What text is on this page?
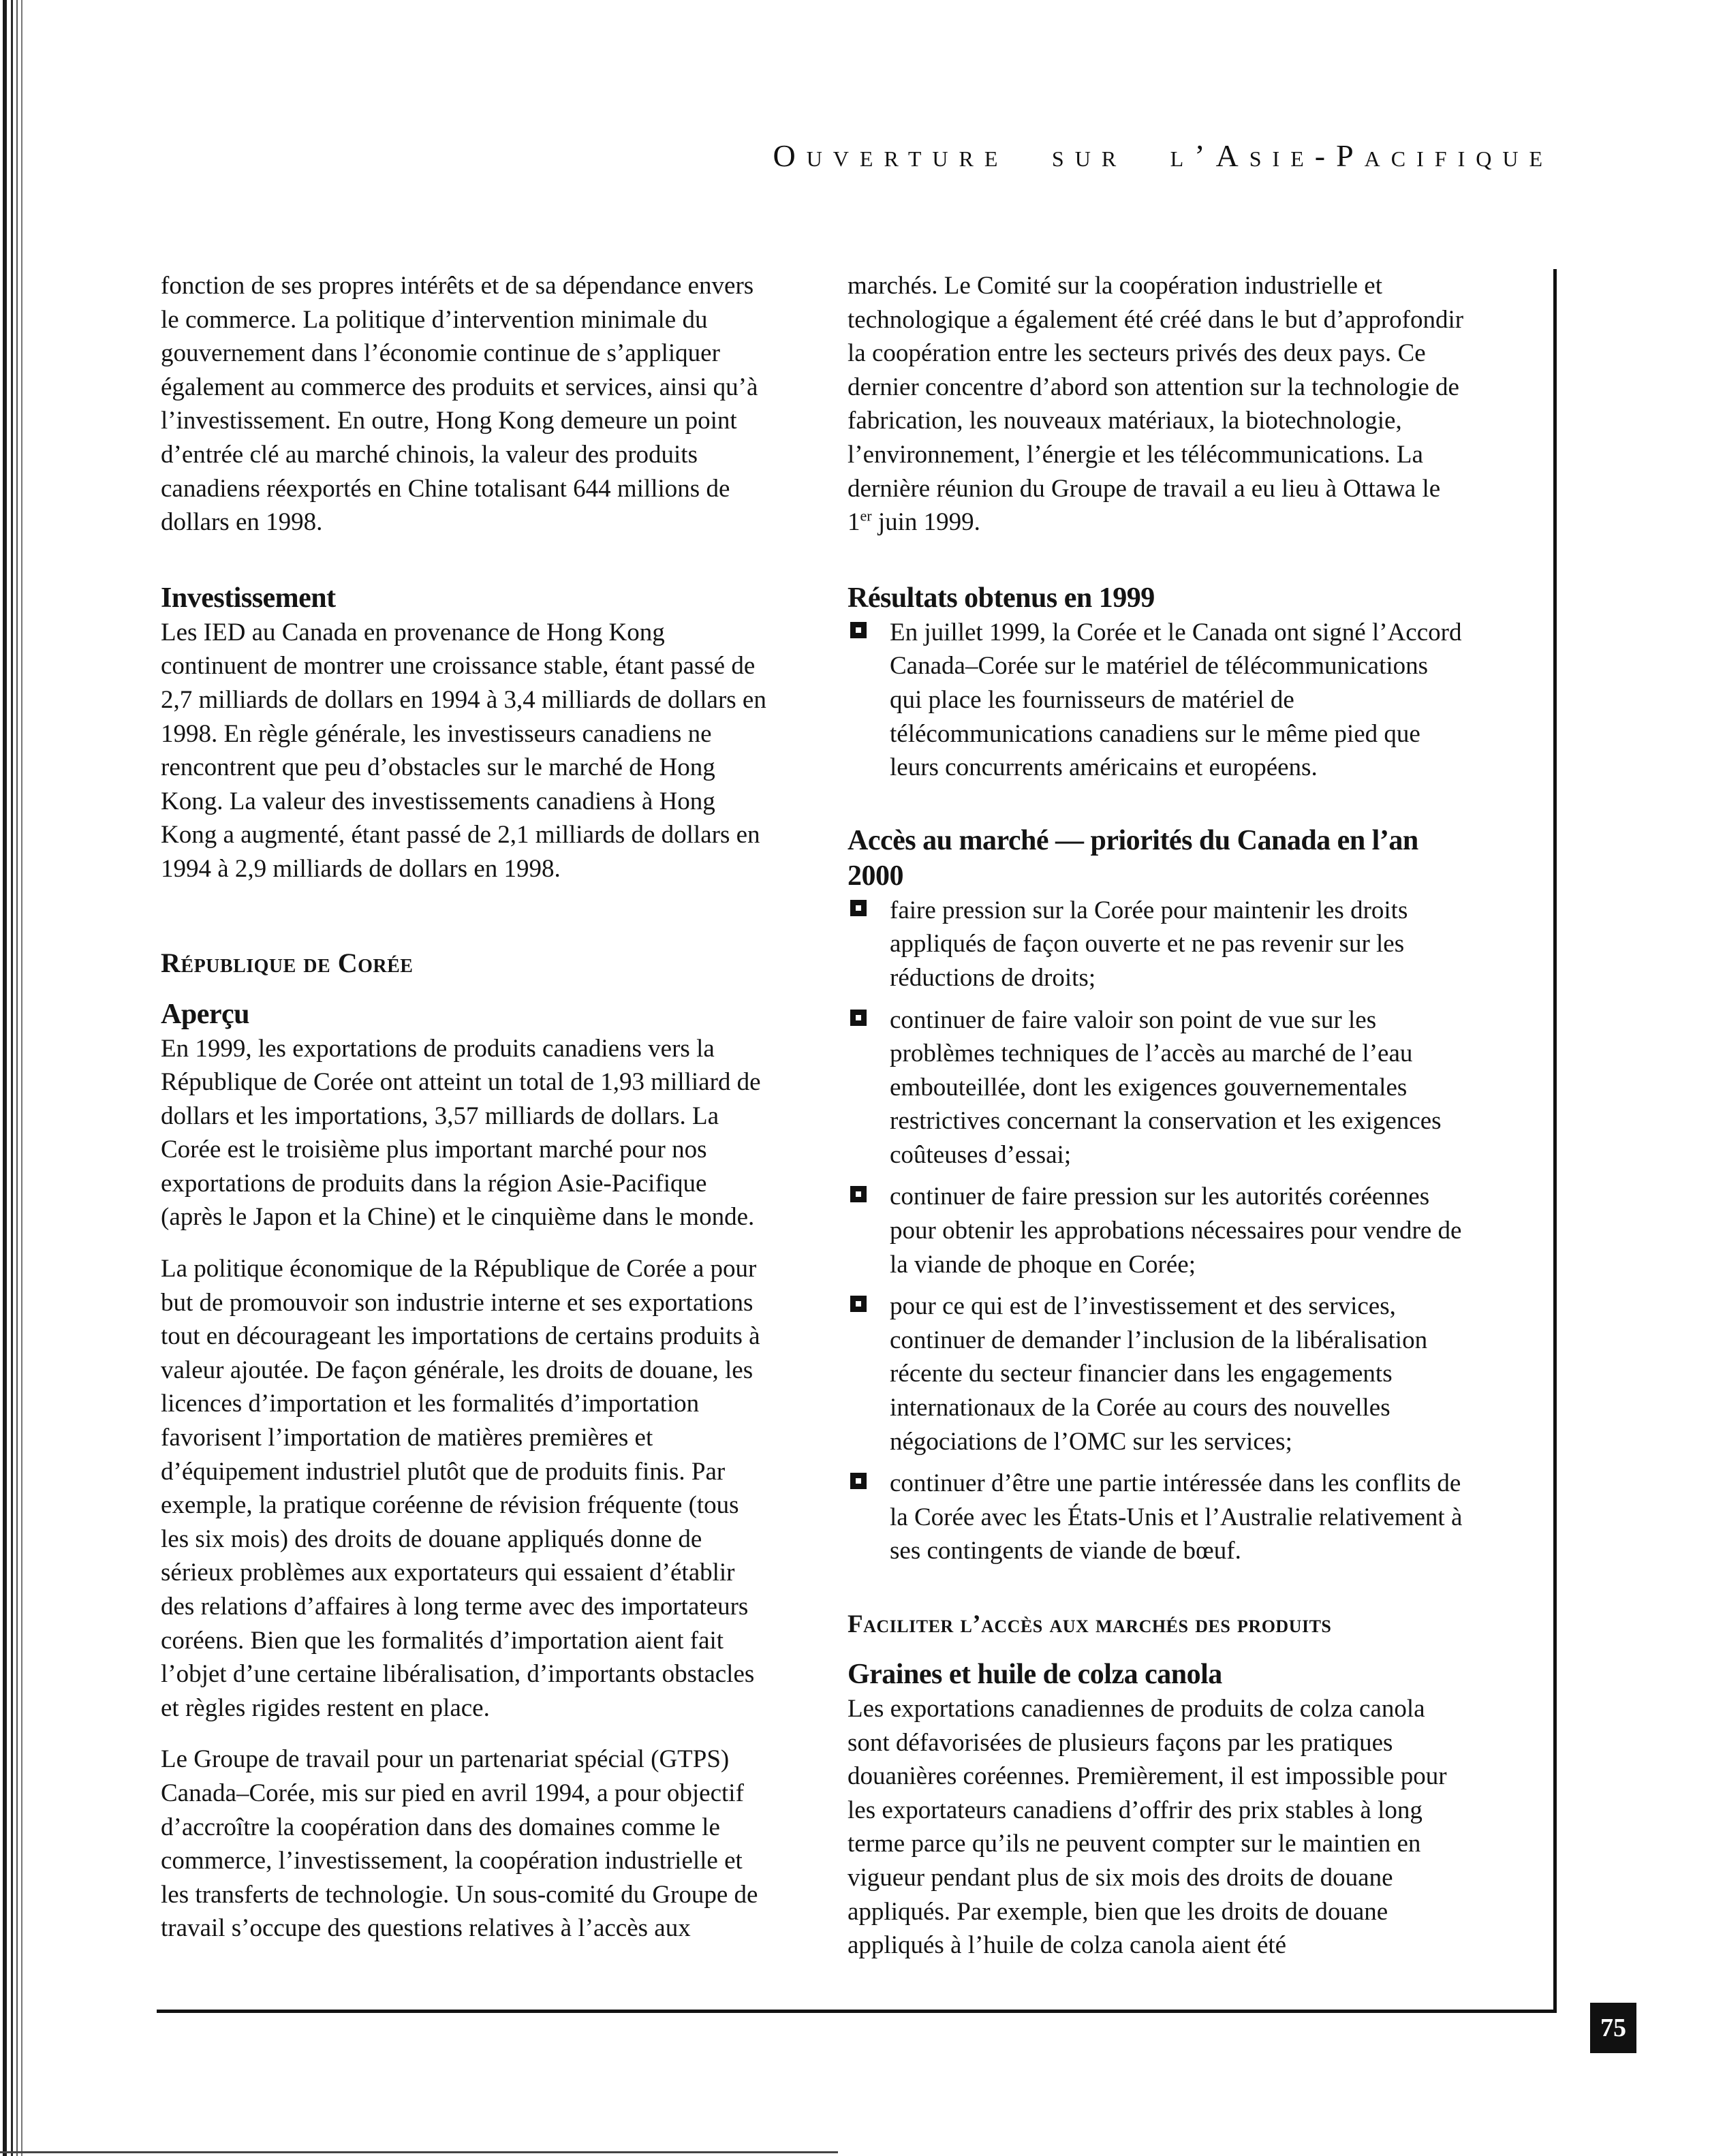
Ouverture sur l’Asie-Pacifique

fonction de ses propres intérêts et de sa dépendance envers le commerce. La politique d’intervention minimale du gouvernement dans l’économie continue de s’appliquer également au commerce des produits et services, ainsi qu’à l’investissement. En outre, Hong Kong demeure un point d’entrée clé au marché chinois, la valeur des produits canadiens réexportés en Chine totalisant 644 millions de dollars en 1998.

Investissement

Les IED au Canada en provenance de Hong Kong continuent de montrer une croissance stable, étant passé de 2,7 milliards de dollars en 1994 à 3,4 milliards de dollars en 1998. En règle générale, les investisseurs canadiens ne rencontrent que peu d’obstacles sur le marché de Hong Kong. La valeur des investissements canadiens à Hong Kong a augmenté, étant passé de 2,1 milliards de dollars en 1994 à 2,9 milliards de dollars en 1998.

République de Corée
Aperçu

En 1999, les exportations de produits canadiens vers la République de Corée ont atteint un total de 1,93 milliard de dollars et les importations, 3,57 milliards de dollars. La Corée est le troisième plus important marché pour nos exportations de produits dans la région Asie-Pacifique (après le Japon et la Chine) et le cinquième dans le monde.

La politique économique de la République de Corée a pour but de promouvoir son industrie interne et ses exportations tout en décourageant les importations de certains produits à valeur ajoutée. De façon générale, les droits de douane, les licences d’importation et les formalités d’importation favorisent l’importation de matières premières et d’équipement industriel plutôt que de produits finis. Par exemple, la pratique coréenne de révision fréquente (tous les six mois) des droits de douane appliqués donne de sérieux problèmes aux exportateurs qui essaient d’établir des relations d’affaires à long terme avec des importateurs coréens. Bien que les formalités d’importation aient fait l’objet d’une certaine libéralisation, d’importants obstacles et règles rigides restent en place.

Le Groupe de travail pour un partenariat spécial (GTPS) Canada–Corée, mis sur pied en avril 1994, a pour objectif d’accroître la coopération dans des domaines comme le commerce, l’investissement, la coopération industrielle et les transferts de technologie. Un sous-comité du Groupe de travail s’occupe des questions relatives à l’accès aux

marchés. Le Comité sur la coopération industrielle et technologique a également été créé dans le but d’approfondir la coopération entre les secteurs privés des deux pays. Ce dernier concentre d’abord son attention sur la technologie de fabrication, les nouveaux matériaux, la biotechnologie, l’environnement, l’énergie et les télécommunications. La dernière réunion du Groupe de travail a eu lieu à Ottawa le 1er juin 1999.

Résultats obtenus en 1999
En juillet 1999, la Corée et le Canada ont signé l’Accord Canada–Corée sur le matériel de télécommunications qui place les fournisseurs de matériel de télécommunications canadiens sur le même pied que leurs concurrents américains et européens.
Accès au marché — priorités du Canada en l’an 2000
faire pression sur la Corée pour maintenir les droits appliqués de façon ouverte et ne pas revenir sur les réductions de droits;
continuer de faire valoir son point de vue sur les problèmes techniques de l’accès au marché de l’eau embouteillée, dont les exigences gouvernementales restrictives concernant la conservation et les exigences coûteuses d’essai;
continuer de faire pression sur les autorités coréennes pour obtenir les approbations nécessaires pour vendre de la viande de phoque en Corée;
pour ce qui est de l’investissement et des services, continuer de demander l’inclusion de la libéralisation récente du secteur financier dans les engagements internationaux de la Corée au cours des nouvelles négociations de l’OMC sur les services;
continuer d’être une partie intéressée dans les conflits de la Corée avec les États-Unis et l’Australie relativement à ses contingents de viande de bœuf.
Faciliter l’accès aux marchés des produits
Graines et huile de colza canola

Les exportations canadiennes de produits de colza canola sont défavorisées de plusieurs façons par les pratiques douanières coréennes. Premièrement, il est impossible pour les exportateurs canadiens d’offrir des prix stables à long terme parce qu’ils ne peuvent compter sur le maintien en vigueur pendant plus de six mois des droits de douane appliqués. Par exemple, bien que les droits de douane appliqués à l’huile de colza canola aient été

75
